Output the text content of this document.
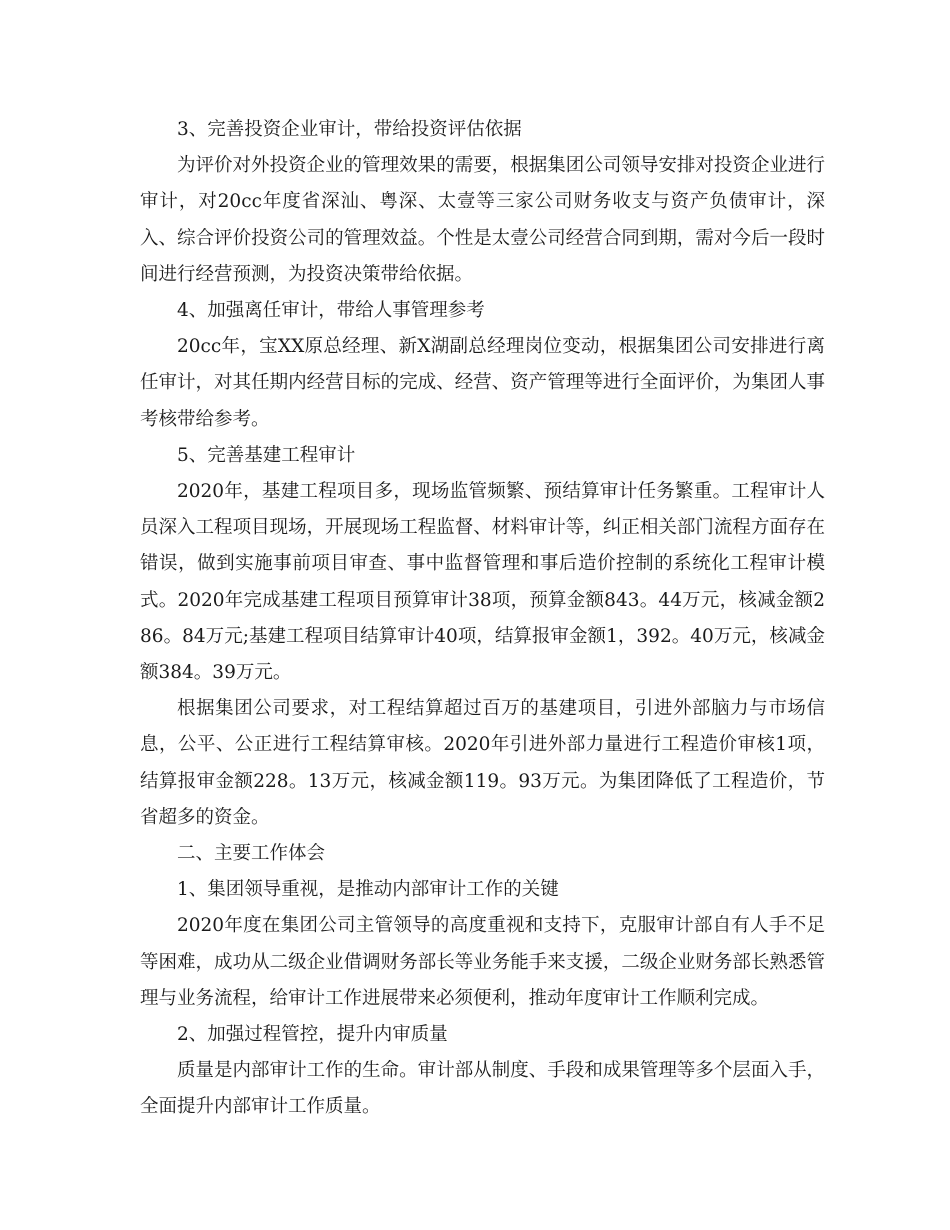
3、完善投资企业审计，带给投资评估依据

为评价对外投资企业的管理效果的需要，根据集团公司领导安排对投资企业进行审计，对20cc年度省深汕、粤深、太壹等三家公司财务收支与资产负债审计，深入、综合评价投资公司的管理效益。个性是太壹公司经营合同到期，需对今后一段时间进行经营预测，为投资决策带给依据。

4、加强离任审计，带给人事管理参考

20cc年，宝XX原总经理、新X湖副总经理岗位变动，根据集团公司安排进行离任审计，对其任期内经营目标的完成、经营、资产管理等进行全面评价，为集团人事考核带给参考。

5、完善基建工程审计

2020年，基建工程项目多，现场监管频繁、预结算审计任务繁重。工程审计人员深入工程项目现场，开展现场工程监督、材料审计等，纠正相关部门流程方面存在错误，做到实施事前项目审查、事中监督管理和事后造价控制的系统化工程审计模式。2020年完成基建工程项目预算审计38项，预算金额843。44万元，核减金额286。84万元;基建工程项目结算审计40项，结算报审金额1，392。40万元，核减金额384。39万元。

根据集团公司要求，对工程结算超过百万的基建项目，引进外部脑力与市场信息，公平、公正进行工程结算审核。2020年引进外部力量进行工程造价审核1项，结算报审金额228。13万元，核减金额119。93万元。为集团降低了工程造价，节省超多的资金。

二、主要工作体会

1、集团领导重视，是推动内部审计工作的关键

2020年度在集团公司主管领导的高度重视和支持下，克服审计部自有人手不足等困难，成功从二级企业借调财务部长等业务能手来支援，二级企业财务部长熟悉管理与业务流程，给审计工作进展带来必须便利，推动年度审计工作顺利完成。

2、加强过程管控，提升内审质量

质量是内部审计工作的生命。审计部从制度、手段和成果管理等多个层面入手，全面提升内部审计工作质量。
